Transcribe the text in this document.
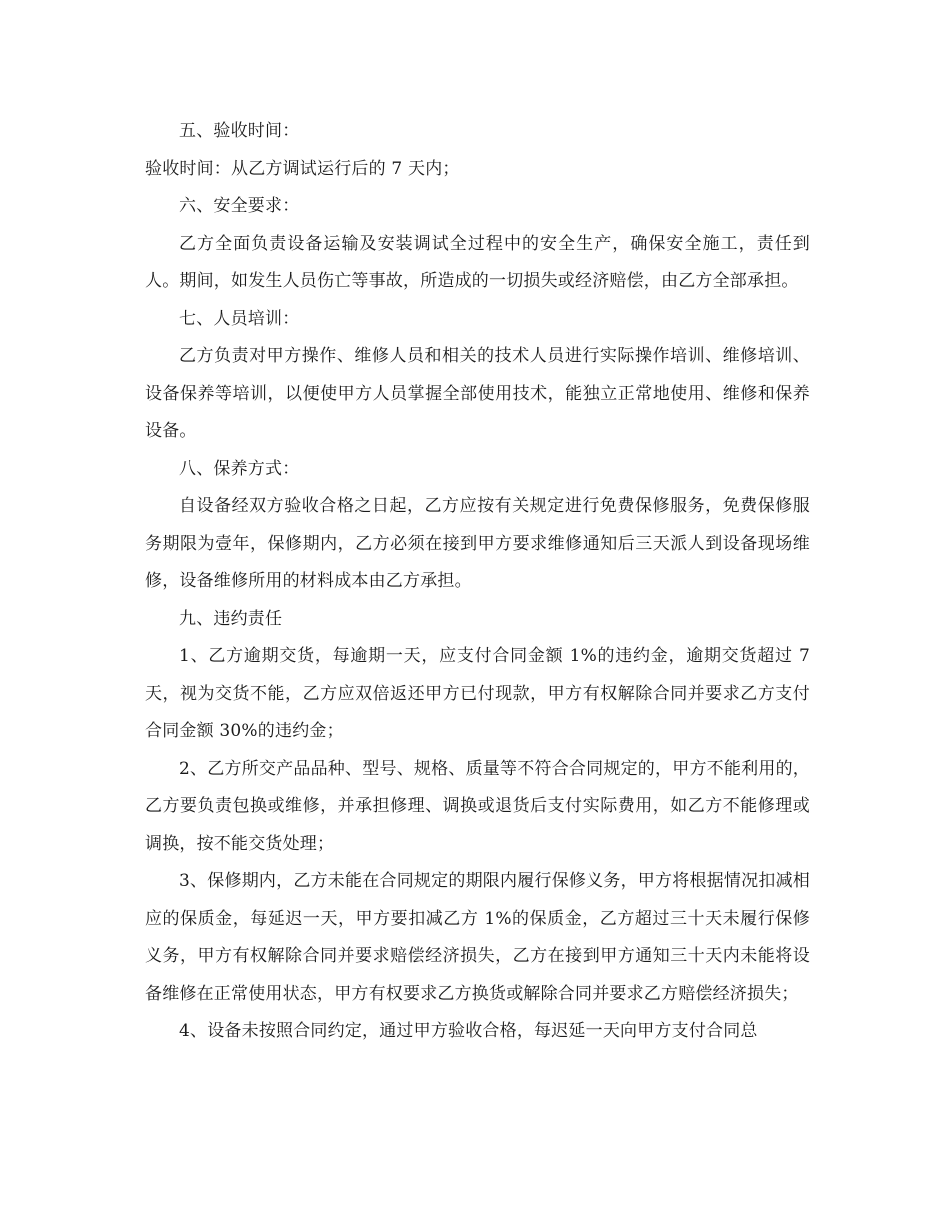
五、验收时间：

验收时间：从乙方调试运行后的 7 天内；

六、安全要求：

乙方全面负责设备运输及安装调试全过程中的安全生产，确保安全施工，责任到人。期间，如发生人员伤亡等事故，所造成的一切损失或经济赔偿，由乙方全部承担。

七、人员培训：

乙方负责对甲方操作、维修人员和相关的技术人员进行实际操作培训、维修培训、设备保养等培训，以便使甲方人员掌握全部使用技术，能独立正常地使用、维修和保养设备。

八、保养方式：

自设备经双方验收合格之日起，乙方应按有关规定进行免费保修服务，免费保修服务期限为壹年，保修期内，乙方必须在接到甲方要求维修通知后三天派人到设备现场维修，设备维修所用的材料成本由乙方承担。

九、违约责任

1、乙方逾期交货，每逾期一天，应支付合同金额 1%的违约金，逾期交货超过 7 天，视为交货不能，乙方应双倍返还甲方已付现款，甲方有权解除合同并要求乙方支付合同金额 30%的违约金；

2、乙方所交产品品种、型号、规格、质量等不符合合同规定的，甲方不能利用的，乙方要负责包换或维修，并承担修理、调换或退货后支付实际费用，如乙方不能修理或调换，按不能交货处理；

3、保修期内，乙方未能在合同规定的期限内履行保修义务，甲方将根据情况扣减相应的保质金，每延迟一天，甲方要扣减乙方 1%的保质金，乙方超过三十天未履行保修义务，甲方有权解除合同并要求赔偿经济损失，乙方在接到甲方通知三十天内未能将设备维修在正常使用状态，甲方有权要求乙方换货或解除合同并要求乙方赔偿经济损失；

4、设备未按照合同约定，通过甲方验收合格，每迟延一天向甲方支付合同总
